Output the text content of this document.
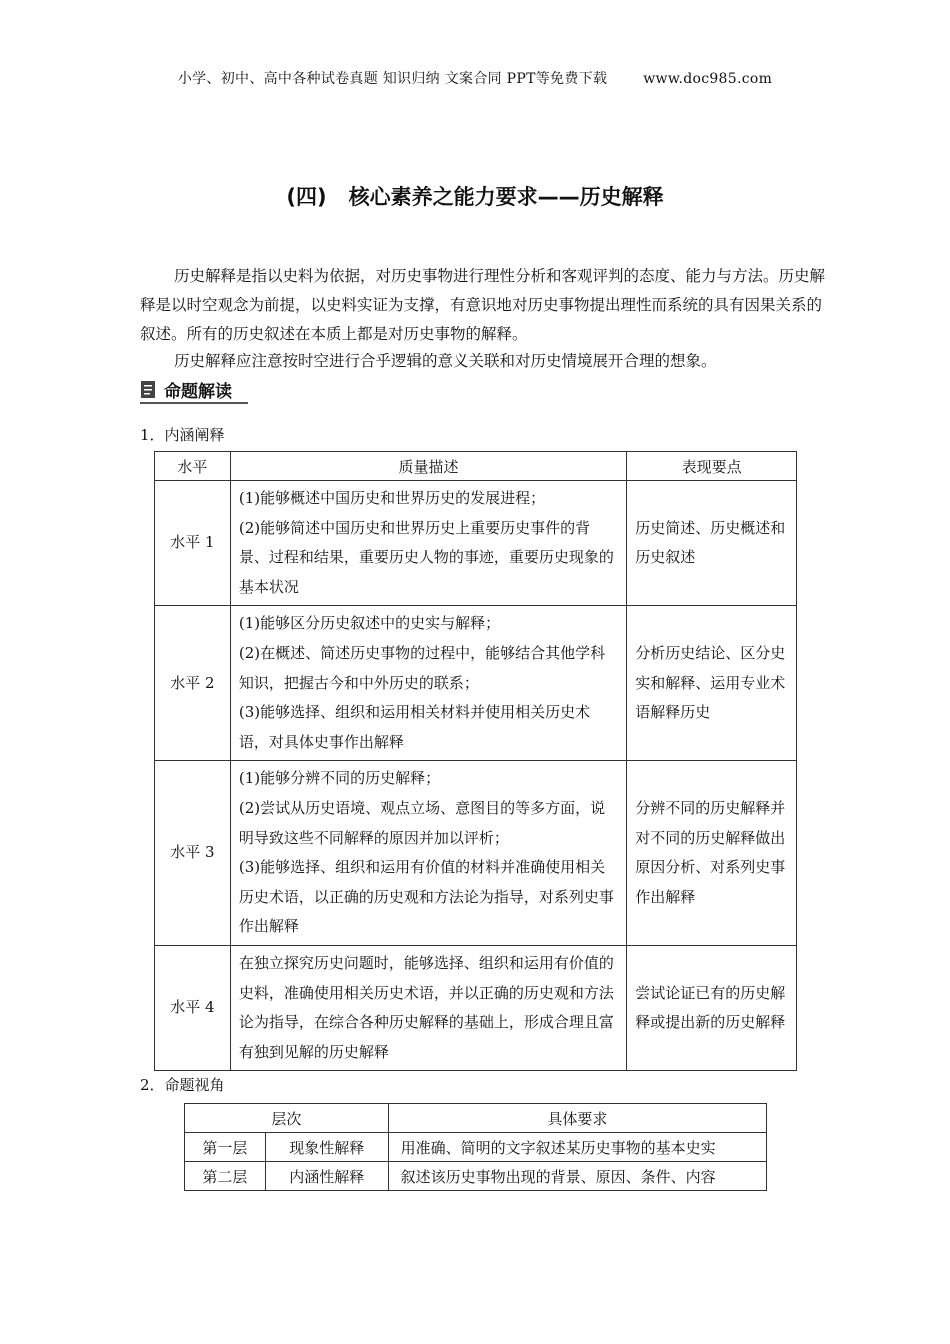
小学、初中、高中各种试卷真题 知识归纳 文案合同 PPT等免费下载	www.doc985.com
(四) 核心素养之能力要求——历史解释

历史解释是指以史料为依据，对历史事物进行理性分析和客观评判的态度、能力与方法。历史解释是以时空观念为前提，以史料实证为支撑，有意识地对历史事物提出理性而系统的具有因果关系的叙述。所有的历史叙述在本质上都是对历史事物的解释。

历史解释应注意按时空进行合乎逻辑的意义关联和对历史情境展开合理的想象。

命题解读
1．内涵阐释
水平	质量描述	表现要点
水平 1	(1)能够概述中国历史和世界历史的发展进程；
(2)能够简述中国历史和世界历史上重要历史事件的背景、过程和结果，重要历史人物的事迹，重要历史现象的基本状况	历史简述、历史概述和历史叙述
水平 2	(1)能够区分历史叙述中的史实与解释；
(2)在概述、简述历史事物的过程中，能够结合其他学科知识，把握古今和中外历史的联系；
(3)能够选择、组织和运用相关材料并使用相关历史术语，对具体史事作出解释	分析历史结论、区分史实和解释、运用专业术语解释历史
水平 3	(1)能够分辨不同的历史解释；
(2)尝试从历史语境、观点立场、意图目的等多方面，说明导致这些不同解释的原因并加以评析；
(3)能够选择、组织和运用有价值的材料并准确使用相关历史术语，以正确的历史观和方法论为指导，对系列史事作出解释	分辨不同的历史解释并对不同的历史解释做出原因分析、对系列史事作出解释
水平 4	在独立探究历史问题时，能够选择、组织和运用有价值的史料，准确使用相关历史术语，并以正确的历史观和方法论为指导，在综合各种历史解释的基础上，形成合理且富有独到见解的历史解释	尝试论证已有的历史解释或提出新的历史解释
2．命题视角
层次		具体要求
第一层	现象性解释	用准确、简明的文字叙述某历史事物的基本史实
第二层	内涵性解释	叙述该历史事物出现的背景、原因、条件、内容
